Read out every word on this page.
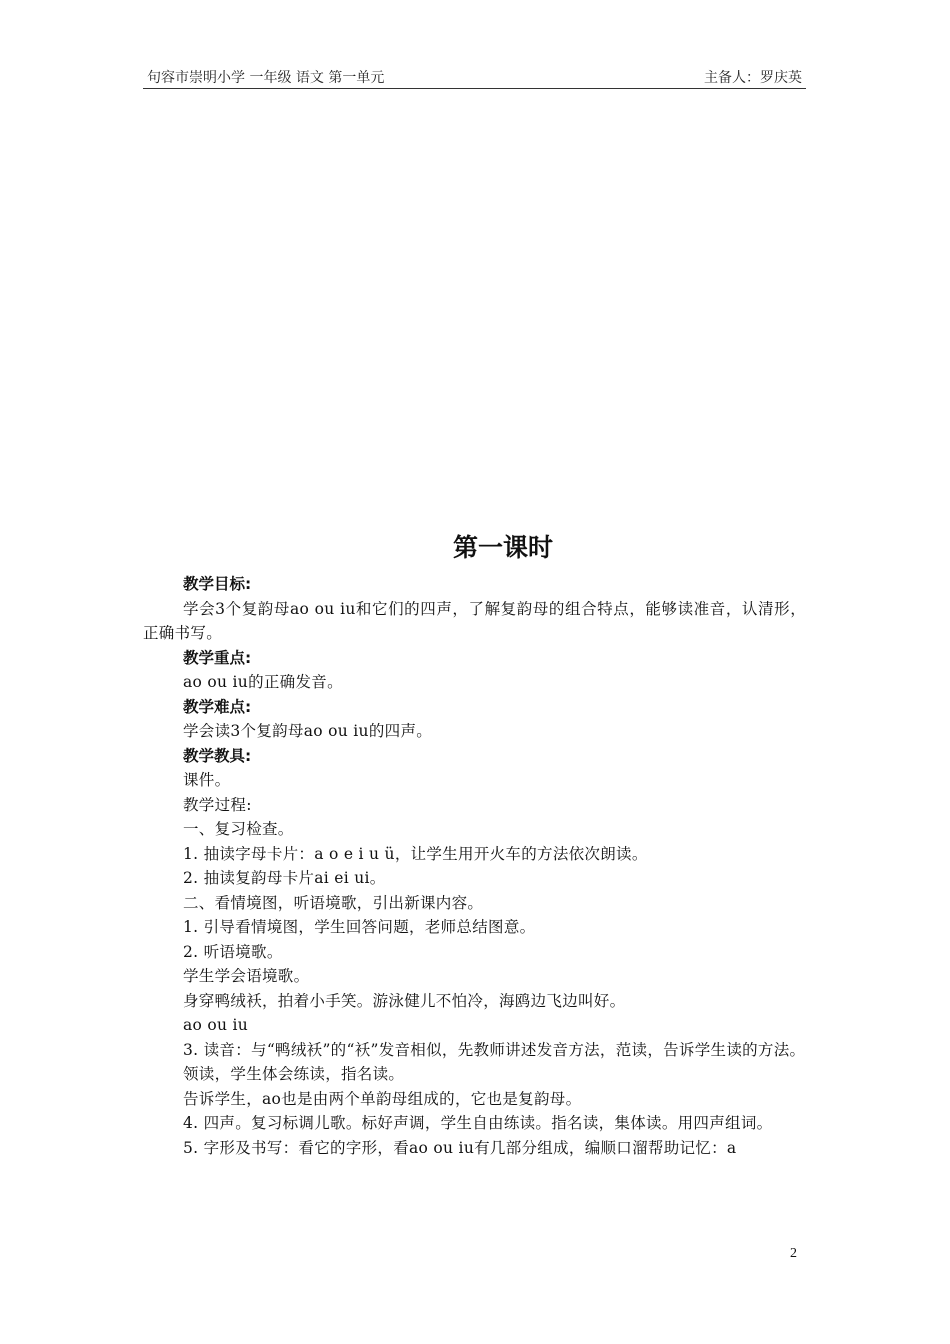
句容市崇明小学 一年级 语文 第一单元	主备人：罗庆英
第一课时

教学目标:

学会3个复韵母ao ou iu和它们的四声，了解复韵母的组合特点，能够读准音，认清形，正确书写。

教学重点:

ao ou iu的正确发音。

教学难点:

学会读3个复韵母ao ou iu的四声。

教学教具:

课件。

教学过程:

一、复习检查。

1. 抽读字母卡片：a o e i u ü，让学生用开火车的方法依次朗读。

2. 抽读复韵母卡片ai ei ui。

二、看情境图，听语境歌，引出新课内容。

1. 引导看情境图，学生回答问题，老师总结图意。

2. 听语境歌。

学生学会语境歌。

身穿鸭绒袄，拍着小手笑。游泳健儿不怕冷，海鸥边飞边叫好。

ao ou iu

3. 读音：与“鸭绒袄”的“袄”发音相似，先教师讲述发音方法，范读，告诉学生读的方法。

领读，学生体会练读，指名读。

告诉学生，ao也是由两个单韵母组成的，它也是复韵母。

4. 四声。复习标调儿歌。标好声调，学生自由练读。指名读，集体读。用四声组词。

5. 字形及书写：看它的字形，看ao ou iu有几部分组成，编顺口溜帮助记忆：a

2
